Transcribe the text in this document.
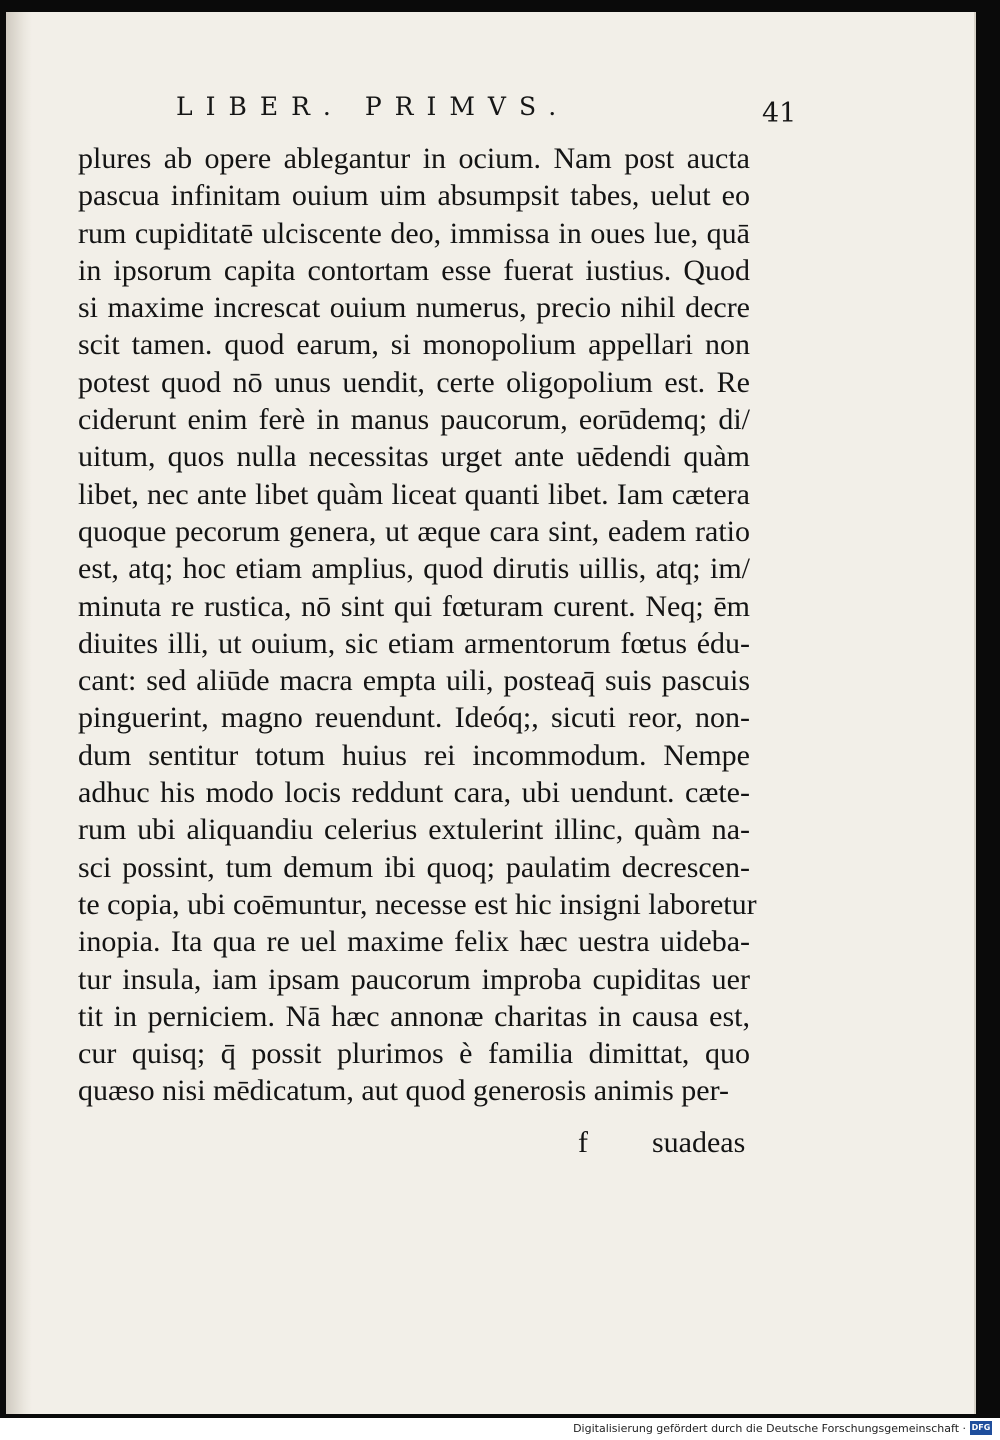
LIBER. PRIMVS.	41
plures ab opere ablegantur in ocium. Nam post aucta
pascua infinitam ouium uim absumpsit tabes, uelut eo
rum cupiditatē ulciscente deo, immissa in oues lue, quā
in ipsorum capita contortam esse fuerat iustius. Quod
si maxime increscat ouium numerus, precio nihil decre
scit tamen. quod earum, si monopolium appellari non
potest quod nō unus uendit, certe oligopolium est. Re
ciderunt enim ferè in manus paucorum, eorūdemq; di/
uitum, quos nulla necessitas urget ante uēdendi quàm
libet, nec ante libet quàm liceat quanti libet. Iam cætera
quoque pecorum genera, ut æque cara sint, eadem ratio
est, atq; hoc etiam amplius, quod dirutis uillis, atq; im/
minuta re rustica, nō sint qui fœturam curent. Neq; ēm
diuites illi, ut ouium, sic etiam armentorum fœtus édu-
cant: sed aliūde macra empta uili, posteaq̄ suis pascuis
pinguerint, magno reuendunt. Ideóq;, sicuti reor, non-
dum sentitur totum huius rei incommodum. Nempe
adhuc his modo locis reddunt cara, ubi uendunt. cæte-
rum ubi aliquandiu celerius extulerint illinc, quàm na-
sci possint, tum demum ibi quoq; paulatim decrescen-
te copia, ubi coēmuntur, necesse est hic insigni laboretur
inopia. Ita qua re uel maxime felix hæc uestra uideba-
tur insula, iam ipsam paucorum improba cupiditas uer
tit in perniciem. Nā hæc annonæ charitas in causa est,
cur quisq; q̄ possit plurimos è familia dimittat, quo
quæso nisi mēdicatum, aut quod generosis animis per-
f suadeas
Digitalisierung gefördert durch die Deutsche Forschungsgemeinschaft · DFG
